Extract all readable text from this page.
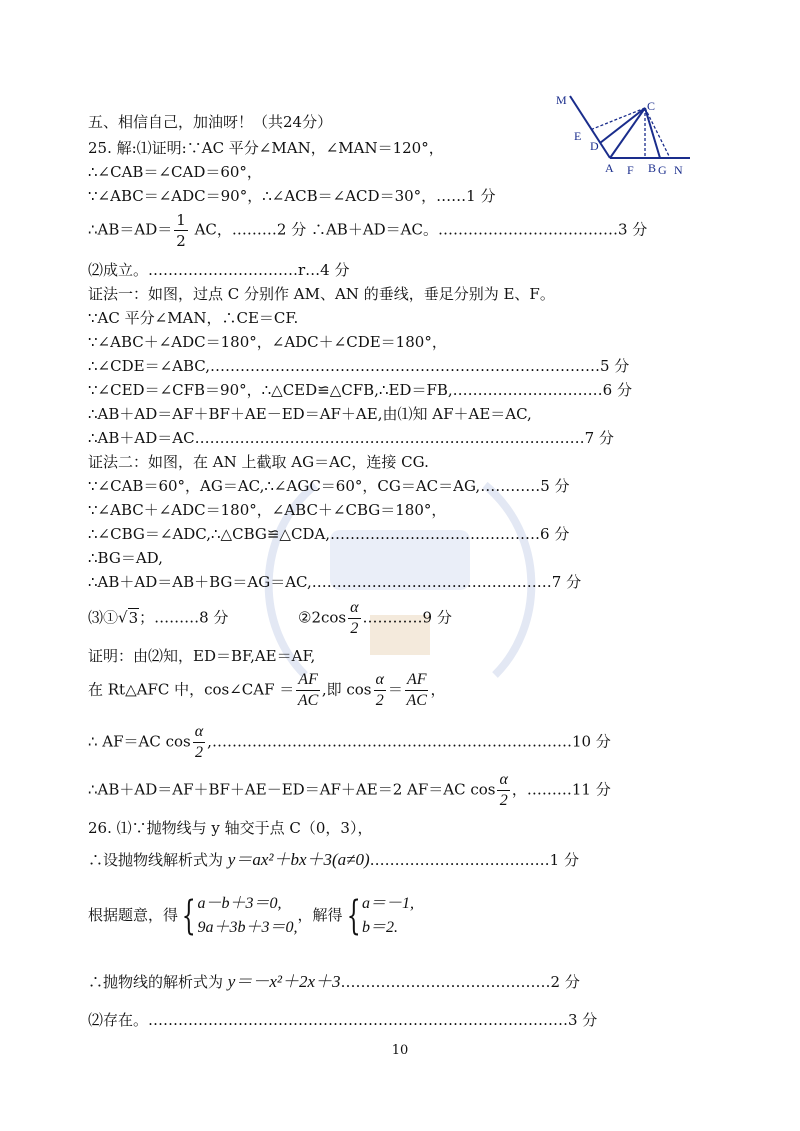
M	C
E
D
A F B G N
五、相信自己，加油呀！（共24分）
25. 解:⑴证明:∵AC 平分∠MAN，∠MAN＝120°，
∴∠CAB＝∠CAD＝60°，
∵∠ABC＝∠ADC＝90°，∴∠ACB＝∠ACD＝30°，……1 分
∴AB＝AD＝ $\frac{1}{2}$ AC，………2 分 ∴AB＋AD＝AC。………………………………3 分
⑵成立。…………………………r…4 分
证法一：如图，过点 C 分别作 AM、AN 的垂线，垂足分别为 E、F。
∵AC 平分∠MAN，∴CE＝CF.
∵∠ABC＋∠ADC＝180°，∠ADC＋∠CDE＝180°，
∴∠CDE＝∠ABC,……………………………………………………………………5 分
∵∠CED＝∠CFB＝90°，∴△CED≌△CFB,∴ED＝FB,…………………………6 分
∴AB＋AD＝AF＋BF＋AE－ED＝AF＋AE,由⑴知 AF＋AE＝AC,
∴AB＋AD＝AC……………………………………………………………………7 分
证法二：如图，在 AN 上截取 AG＝AC，连接 CG.
∵∠CAB＝60°，AG＝AC,∴∠AGC＝60°，CG＝AC＝AG,…………5 分
∵∠ABC＋∠ADC＝180°，∠ABC＋∠CBG＝180°，
∴∠CBG＝∠ADC,∴△CBG≌△CDA,……………………………………6 分
∴BG＝AD,
∴AB＋AD＝AB＋BG＝AG＝AC,…………………………………………7 分
⑶①√3；………8 分	②2cos $\frac{\alpha}{2}$ …………9 分
证明：由⑵知，ED＝BF,AE＝AF,
在 Rt△AFC 中，cos∠CAF ＝ $\frac{AF}{AC}$ ,即 $\cos \frac{\alpha}{2} = \frac{AF}{AC}$ ，
∴ AF＝AC $\cos \frac{\alpha}{2}$ ,………………………………………………………………10 分
∴AB＋AD＝AF＋BF＋AE－ED＝AF＋AE＝2 AF＝AC $\cos \frac{\alpha}{2}$ ，………11 分
26. ⑴∵抛物线与 y 轴交于点 C（0，3），
∴设抛物线解析式为 y＝ax²＋bx＋3(a≠0)………………………………1 分
根据题意，得{ a－b＋3＝0,
9a＋3b＋3＝0,
，解得{ a＝－1,
b＝2.
∴抛物线的解析式为 y＝－x²＋2x＋3……………………………………2 分
⑵存在。…………………………………………………………………………3 分
10
